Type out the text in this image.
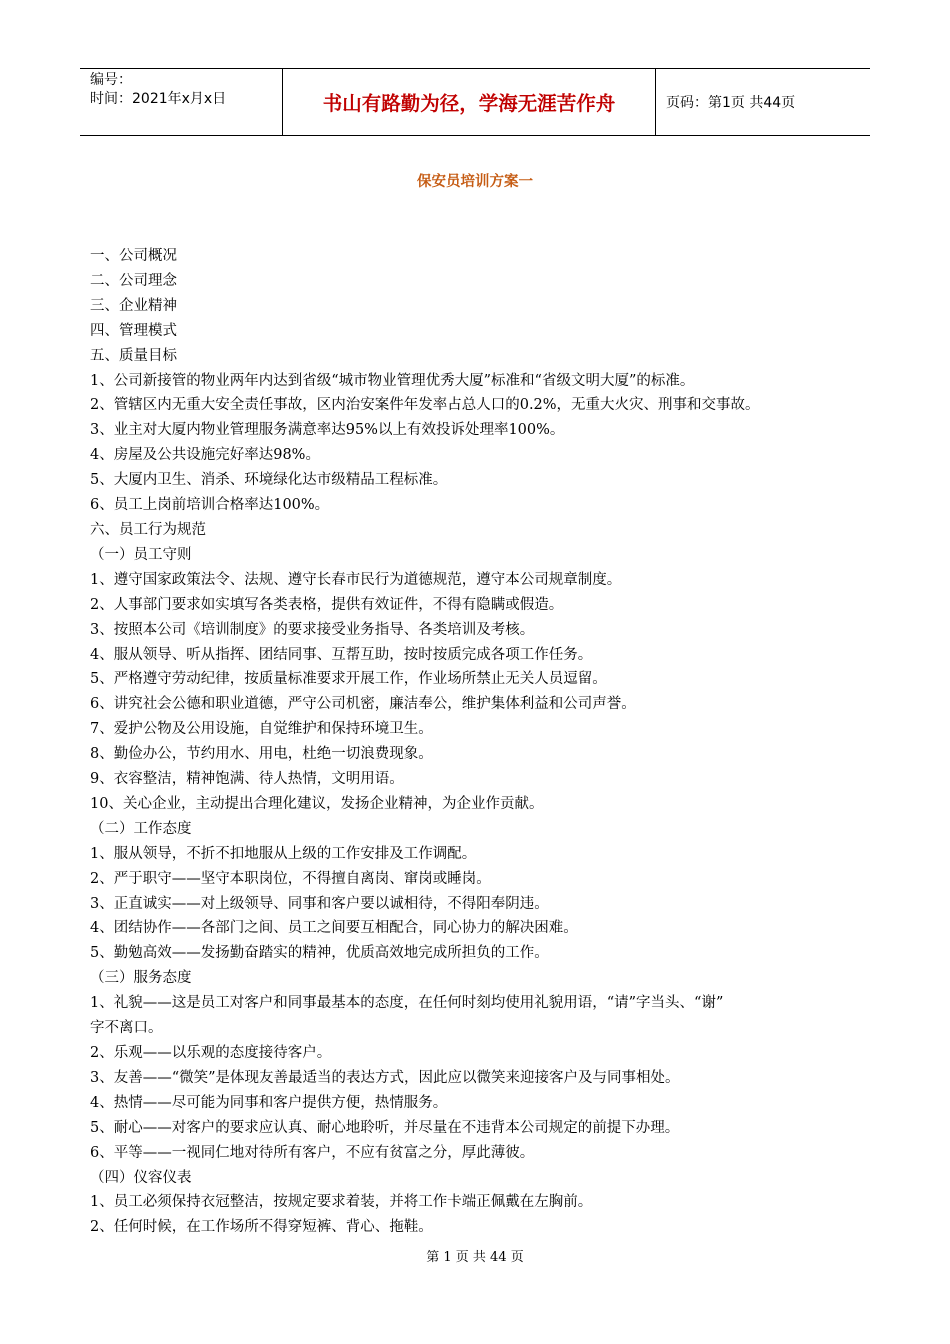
编号：
时间：2021年x月x日	书山有路勤为径，学海无涯苦作舟	页码：第1页 共44页
保安员培训方案一
一、公司概况
二、公司理念
三、企业精神
四、管理模式
五、质量目标
1、公司新接管的物业两年内达到省级“城市物业管理优秀大厦”标准和“省级文明大厦”的标准。
2、管辖区内无重大安全责任事故，区内治安案件年发率占总人口的0.2%，无重大火灾、刑事和交事故。
3、业主对大厦内物业管理服务满意率达95%以上有效投诉处理率100%。
4、房屋及公共设施完好率达98%。
5、大厦内卫生、消杀、环境绿化达市级精品工程标准。
6、员工上岗前培训合格率达100%。
六、员工行为规范
（一）员工守则
1、遵守国家政策法令、法规、遵守长春市民行为道德规范，遵守本公司规章制度。
2、人事部门要求如实填写各类表格，提供有效证件，不得有隐瞒或假造。
3、按照本公司《培训制度》的要求接受业务指导、各类培训及考核。
4、服从领导、听从指挥、团结同事、互帮互助，按时按质完成各项工作任务。
5、严格遵守劳动纪律，按质量标准要求开展工作，作业场所禁止无关人员逗留。
6、讲究社会公德和职业道德，严守公司机密，廉洁奉公，维护集体利益和公司声誉。
7、爱护公物及公用设施，自觉维护和保持环境卫生。
8、勤俭办公，节约用水、用电，杜绝一切浪费现象。
9、衣容整洁，精神饱满、待人热情，文明用语。
10、关心企业，主动提出合理化建议，发扬企业精神，为企业作贡献。
（二）工作态度
1、服从领导，不折不扣地服从上级的工作安排及工作调配。
2、严于职守——坚守本职岗位，不得擅自离岗、窜岗或睡岗。
3、正直诚实——对上级领导、同事和客户要以诚相待，不得阳奉阴违。
4、团结协作——各部门之间、员工之间要互相配合，同心协力的解决困难。
5、勤勉高效——发扬勤奋踏实的精神，优质高效地完成所担负的工作。
（三）服务态度
1、礼貌——这是员工对客户和同事最基本的态度，在任何时刻均使用礼貌用语，“请”字当头、“谢”
字不离口。
2、乐观——以乐观的态度接待客户。
3、友善——“微笑”是体现友善最适当的表达方式，因此应以微笑来迎接客户及与同事相处。
4、热情——尽可能为同事和客户提供方便，热情服务。
5、耐心——对客户的要求应认真、耐心地聆听，并尽量在不违背本公司规定的前提下办理。
6、平等——一视同仁地对待所有客户，不应有贫富之分，厚此薄彼。
（四）仪容仪表
1、员工必须保持衣冠整洁，按规定要求着装，并将工作卡端正佩戴在左胸前。
2、任何时候，在工作场所不得穿短裤、背心、拖鞋。
第 1 页 共 44 页
